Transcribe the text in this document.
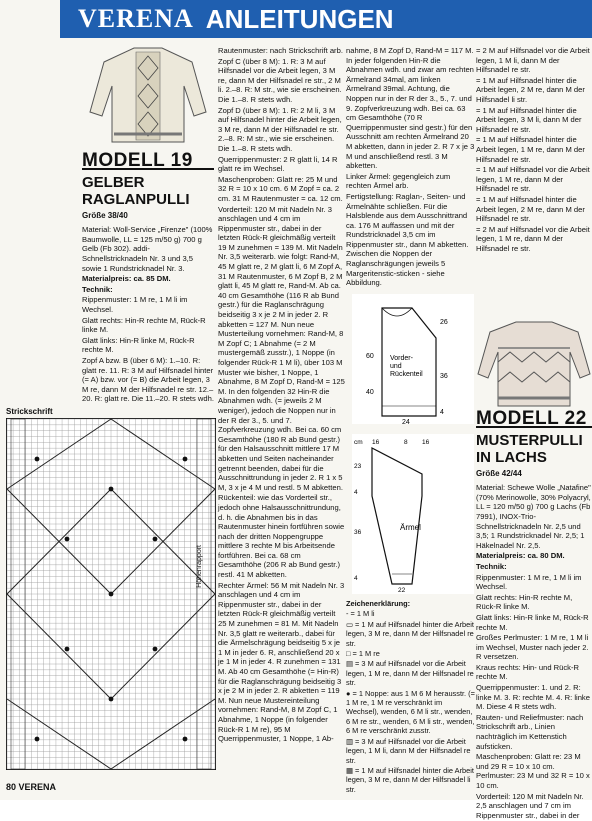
VERENA ANLEITUNGEN
MODELL 19
GELBER
RAGLANPULLI
Größe 38/40

Material: Woll-Service „Firenze" (100% Baumwolle, LL = 125 m/50 g) 700 g Gelb (Fb 302). addi-Schnellstricknadeln Nr. 3 und 3,5 sowie 1 Rundstricknadel Nr. 3.

Materialpreis: ca. 85 DM.

Technik:

Rippenmuster: 1 M re, 1 M li im Wechsel.

Glatt rechts: Hin-R rechte M, Rück-R linke M.

Glatt links: Hin-R linke M, Rück-R rechte M.

Zopf A bzw. B (über 6 M): 1.–10. R: glatt re. 11. R: 3 M auf Hilfsnadel hinter (= A) bzw. vor (= B) die Arbeit legen, 3 M re, dann M der Hilfsnadel re str. 12.–20. R: glatt re. Die 11.–20. R stets wdh.

Strickschrift
Höhenrapport
80 VERENA

Rautenmuster: nach Strickschrift arb.

Zopf C (über 8 M): 1. R: 3 M auf Hilfsnadel vor die Arbeit legen, 3 M re, dann M der Hilfsnadel re str., 2 M li. 2.–8. R: M str., wie sie erscheinen. Die 1.–8. R stets wdh.

Zopf D (über 8 M): 1. R: 2 M li, 3 M auf Hilfsnadel hinter die Arbeit legen, 3 M re, dann M der Hilfsnadel re str. 2.–8. R: M str., wie sie erscheinen. Die 1.–8. R stets wdh.

Querrippenmuster: 2 R glatt li, 14 R glatt re im Wechsel.

Maschenproben: Glatt re: 25 M und 32 R = 10 x 10 cm. 6 M Zopf = ca. 2 cm. 31 M Rautenmuster = ca. 12 cm.

Vorderteil: 120 M mit Nadeln Nr. 3 anschlagen und 4 cm im Rippenmuster str., dabei in der letzten Rück-R gleichmäßig verteilt 19 M zunehmen = 139 M. Mit Nadeln Nr. 3,5 weiterarb. wie folgt: Rand-M, 45 M glatt re, 2 M glatt li, 6 M Zopf A, 31 M Rautenmuster, 6 M Zopf B, 2 M glatt li, 45 M glatt re, Rand-M. Ab ca. 40 cm Gesamthöhe (116 R ab Bund gestr.) für die Raglanschrägung beidseitig 3 x je 2 M in jeder 2. R abketten = 127 M. Nun neue Musterteilung vornehmen: Rand-M, 8 M Zopf C; 1 Abnahme (= 2 M mustergemäß zusstr.), 1 Noppe (in folgender Rück-R 1 M li), über 103 M Muster wie bisher, 1 Noppe, 1 Abnahme, 8 M Zopf D, Rand-M = 125 M. In den folgenden 32 Hin-R die Abnahmen wdh. (= jeweils 2 M weniger), jedoch die Noppen nur in der R der 3., 5. und 7. Zopfverkreuzung wdh. Bei ca. 60 cm Gesamthöhe (180 R ab Bund gestr.) für den Halsausschnitt mittlere 17 M abketten und Seiten nacheinander getrennt beenden, dabei für die Ausschnittrundung in jeder 2. R 1 x 5 M, 3 x je 4 M und restl. 5 M abketten.

Rückenteil: wie das Vorderteil str., jedoch ohne Halsausschnittrundung, d. h. die Abnahmen bis in das Rautenmuster hinein fortführen sowie nach der dritten Noppengruppe mittlere 3 rechte M bis Arbeitsende fortführen. Bei ca. 68 cm Gesamthöhe (206 R ab Bund gestr.) restl. 41 M abketten.

Rechter Ärmel: 56 M mit Nadeln Nr. 3 anschlagen und 4 cm im Rippenmuster str., dabei in der letzten Rück-R gleichmäßig verteilt 25 M zunehmen = 81 M. Mit Nadeln Nr. 3,5 glatt re weiterarb., dabei für die Ärmelschrägung beidseitig 5 x je 1 M in jeder 6. R, anschließend 20 x je 1 M in jeder 4. R zunehmen = 131 M. Ab 40 cm Gesamthöhe (= Hin-R) für die Raglanschrägung beidseitig 3 x je 2 M in jeder 2. R abketten = 119 M. Nun neue Mustereinteilung vornehmen: Rand-M, 8 M Zopf C, 1 Abnahme, 1 Noppe (in folgender Rück-R 1 M re), 95 M Querrippenmuster, 1 Noppe, 1 Ab-

nahme, 8 M Zopf D, Rand-M = 117 M. In jeder folgenden Hin-R die Abnahmen wdh. und zwar am rechten Ärmelrand 34mal, am linken Ärmelrand 39mal. Achtung, die Noppen nur in der R der 3., 5., 7. und 9. Zopfverkreuzung wdh. Bei ca. 63 cm Gesamthöhe (70 R Querrippenmuster sind gestr.) für den Ausschnitt am rechten Ärmelrand 20 M abketten, dann in jeder 2. R 7 x je 3 M und anschließend restl. 3 M abketten.

Linker Ärmel: gegengleich zum rechten Ärmel arb.

Fertigstellung: Raglan-, Seiten- und Ärmelnähte schließen. Für die Halsblende aus dem Ausschnittrand ca. 176 M auffassen und mit der Rundstricknadel 3,5 cm im Rippenmuster str., dann M abketten. Zwischen die Noppen der Raglanschrägungen jeweils 5 Margeritenstic-sticken - siehe Abbildung.

Vorder-
und
Rückenteil
26
60
40
36
4
24
cm 16	8 16
Ärmel
23
4
36
4
22

Zeichenerklärung:

- = 1 M li

▭ = 1 M auf Hilfsnadel hinter die Arbeit legen, 3 M re, dann M der Hilfsnadel re str.

□ = 1 M re

▤ = 3 M auf Hilfsnadel vor die Arbeit legen, 1 M re, dann M der Hilfsnadel re str.

● = 1 Noppe: aus 1 M 6 M herausstr. (= 1 M re, 1 M re verschränkt im Wechsel), wenden, 6 M li str., wenden, 6 M re str., wenden, 6 M li str., wenden, 6 M re verschränkt zusstr.

▥ = 3 M auf Hilfsnadel vor die Arbeit legen, 1 M li, dann M der Hilfsnadel re str.

▦ = 1 M auf Hilfsnadel hinter die Arbeit legen, 3 M re, dann M der Hilfsnadel li str.

= 2 M auf Hilfsnadel vor die Arbeit legen, 1 M li, dann M der Hilfsnadel re str.

= 1 M auf Hilfsnadel hinter die Arbeit legen, 2 M re, dann M der Hilfsnadel li str.

= 1 M auf Hilfsnadel hinter die Arbeit legen, 3 M li, dann M der Hilfsnadel re str.

= 1 M auf Hilfsnadel hinter die Arbeit legen, 1 M re, dann M der Hilfsnadel re str.

= 1 M auf Hilfsnadel vor die Arbeit legen, 1 M re, dann M der Hilfsnadel re str.

= 1 M auf Hilfsnadel hinter die Arbeit legen, 2 M re, dann M der Hilfsnadel re str.

= 2 M auf Hilfsnadel vor die Arbeit legen, 1 M re, dann M der Hilfsnadel re str.

MODELL 22
MUSTERPULLI
IN LACHS
Größe 42/44

Material: Schewe Wolle „Natafine" (70% Merinowolle, 30% Polyacryl, LL = 120 m/50 g) 700 g Lachs (Fb 7991), INOX-Trio-Schnellstricknadeln Nr. 2,5 und 3,5; 1 Rundstricknadel Nr. 2,5; 1 Häkelnadel Nr. 2,5.

Materialpreis: ca. 80 DM.

Technik:

Rippenmuster: 1 M re, 1 M li im Wechsel.

Glatt rechts: Hin-R rechte M, Rück-R linke M.

Glatt links: Hin-R linke M, Rück-R rechte M.

Großes Perlmuster: 1 M re, 1 M li im Wechsel, Muster nach jeder 2. R versetzen.

Kraus rechts: Hin- und Rück-R rechte M.

Querrippenmuster: 1. und 2. R: linke M. 3. R: rechte M. 4. R: linke M. Diese 4 R stets wdh.

Rauten- und Reliefmuster: nach Strickschrift arb., Linien nachträglich im Kettenstich aufsticken.

Maschenproben: Glatt re: 23 M und 29 R = 10 x 10 cm. Perlmuster: 23 M und 32 R = 10 x 10 cm.

Vorderteil: 120 M mit Nadeln Nr. 2,5 anschlagen und 7 cm im Rippenmuster str., dabei in der
